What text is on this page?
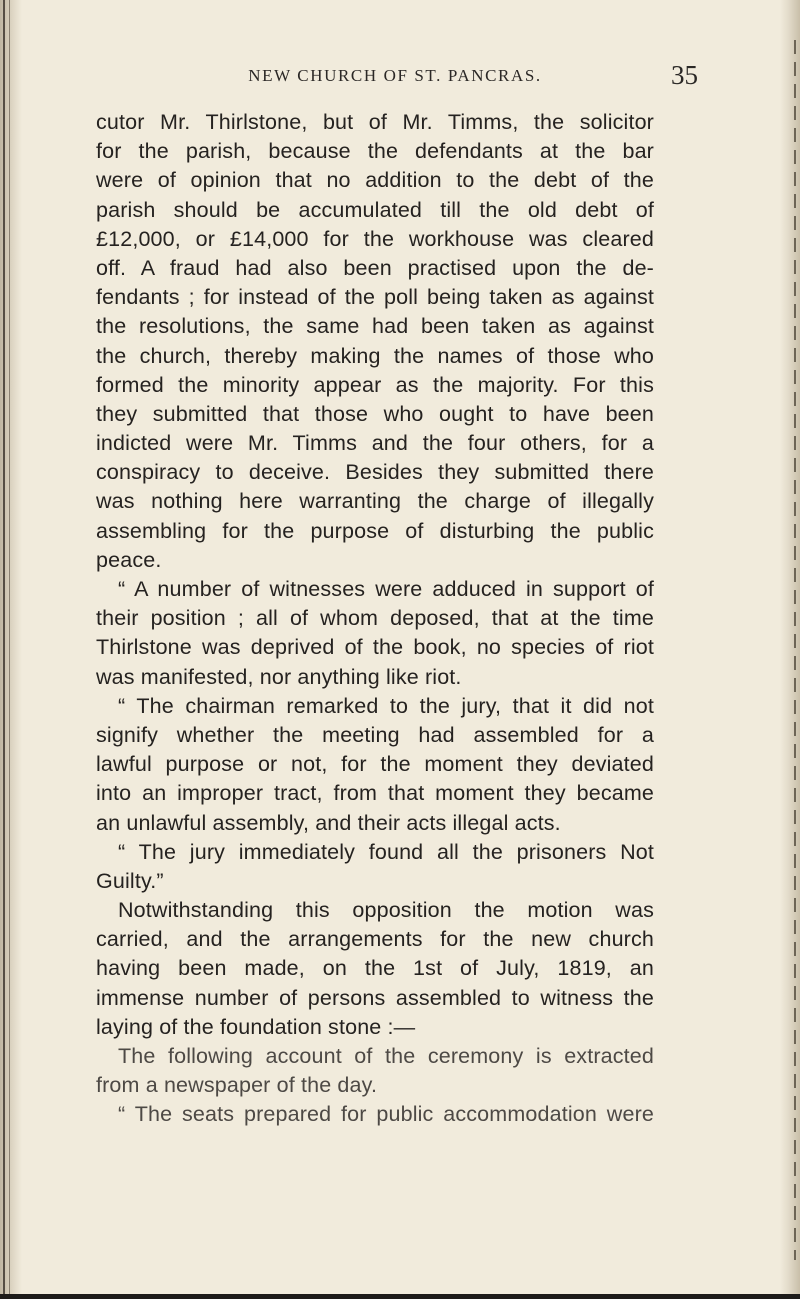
NEW CHURCH OF ST. PANCRAS.	35
cutor Mr. Thirlstone, but of Mr. Timms, the solicitor
for the parish, because the defendants at the bar
were of opinion that no addition to the debt of the
parish should be accumulated till the old debt of
£12,000, or £14,000 for the workhouse was cleared
off. A fraud had also been practised upon the de-
fendants ; for instead of the poll being taken as against
the resolutions, the same had been taken as against
the church, thereby making the names of those who
formed the minority appear as the majority. For this
they submitted that those who ought to have been
indicted were Mr. Timms and the four others, for a
conspiracy to deceive. Besides they submitted there
was nothing here warranting the charge of illegally
assembling for the purpose of disturbing the public
peace.
“ A number of witnesses were adduced in support of
their position ; all of whom deposed, that at the time
Thirlstone was deprived of the book, no species of riot
was manifested, nor anything like riot.
“ The chairman remarked to the jury, that it did not
signify whether the meeting had assembled for a
lawful purpose or not, for the moment they deviated
into an improper tract, from that moment they became
an unlawful assembly, and their acts illegal acts.
“ The jury immediately found all the prisoners Not
Guilty.”
Notwithstanding this opposition the motion was
carried, and the arrangements for the new church
having been made, on the 1st of July, 1819, an
immense number of persons assembled to witness the
laying of the foundation stone :—
The following account of the ceremony is extracted
from a newspaper of the day.
“ The seats prepared for public accommodation were
